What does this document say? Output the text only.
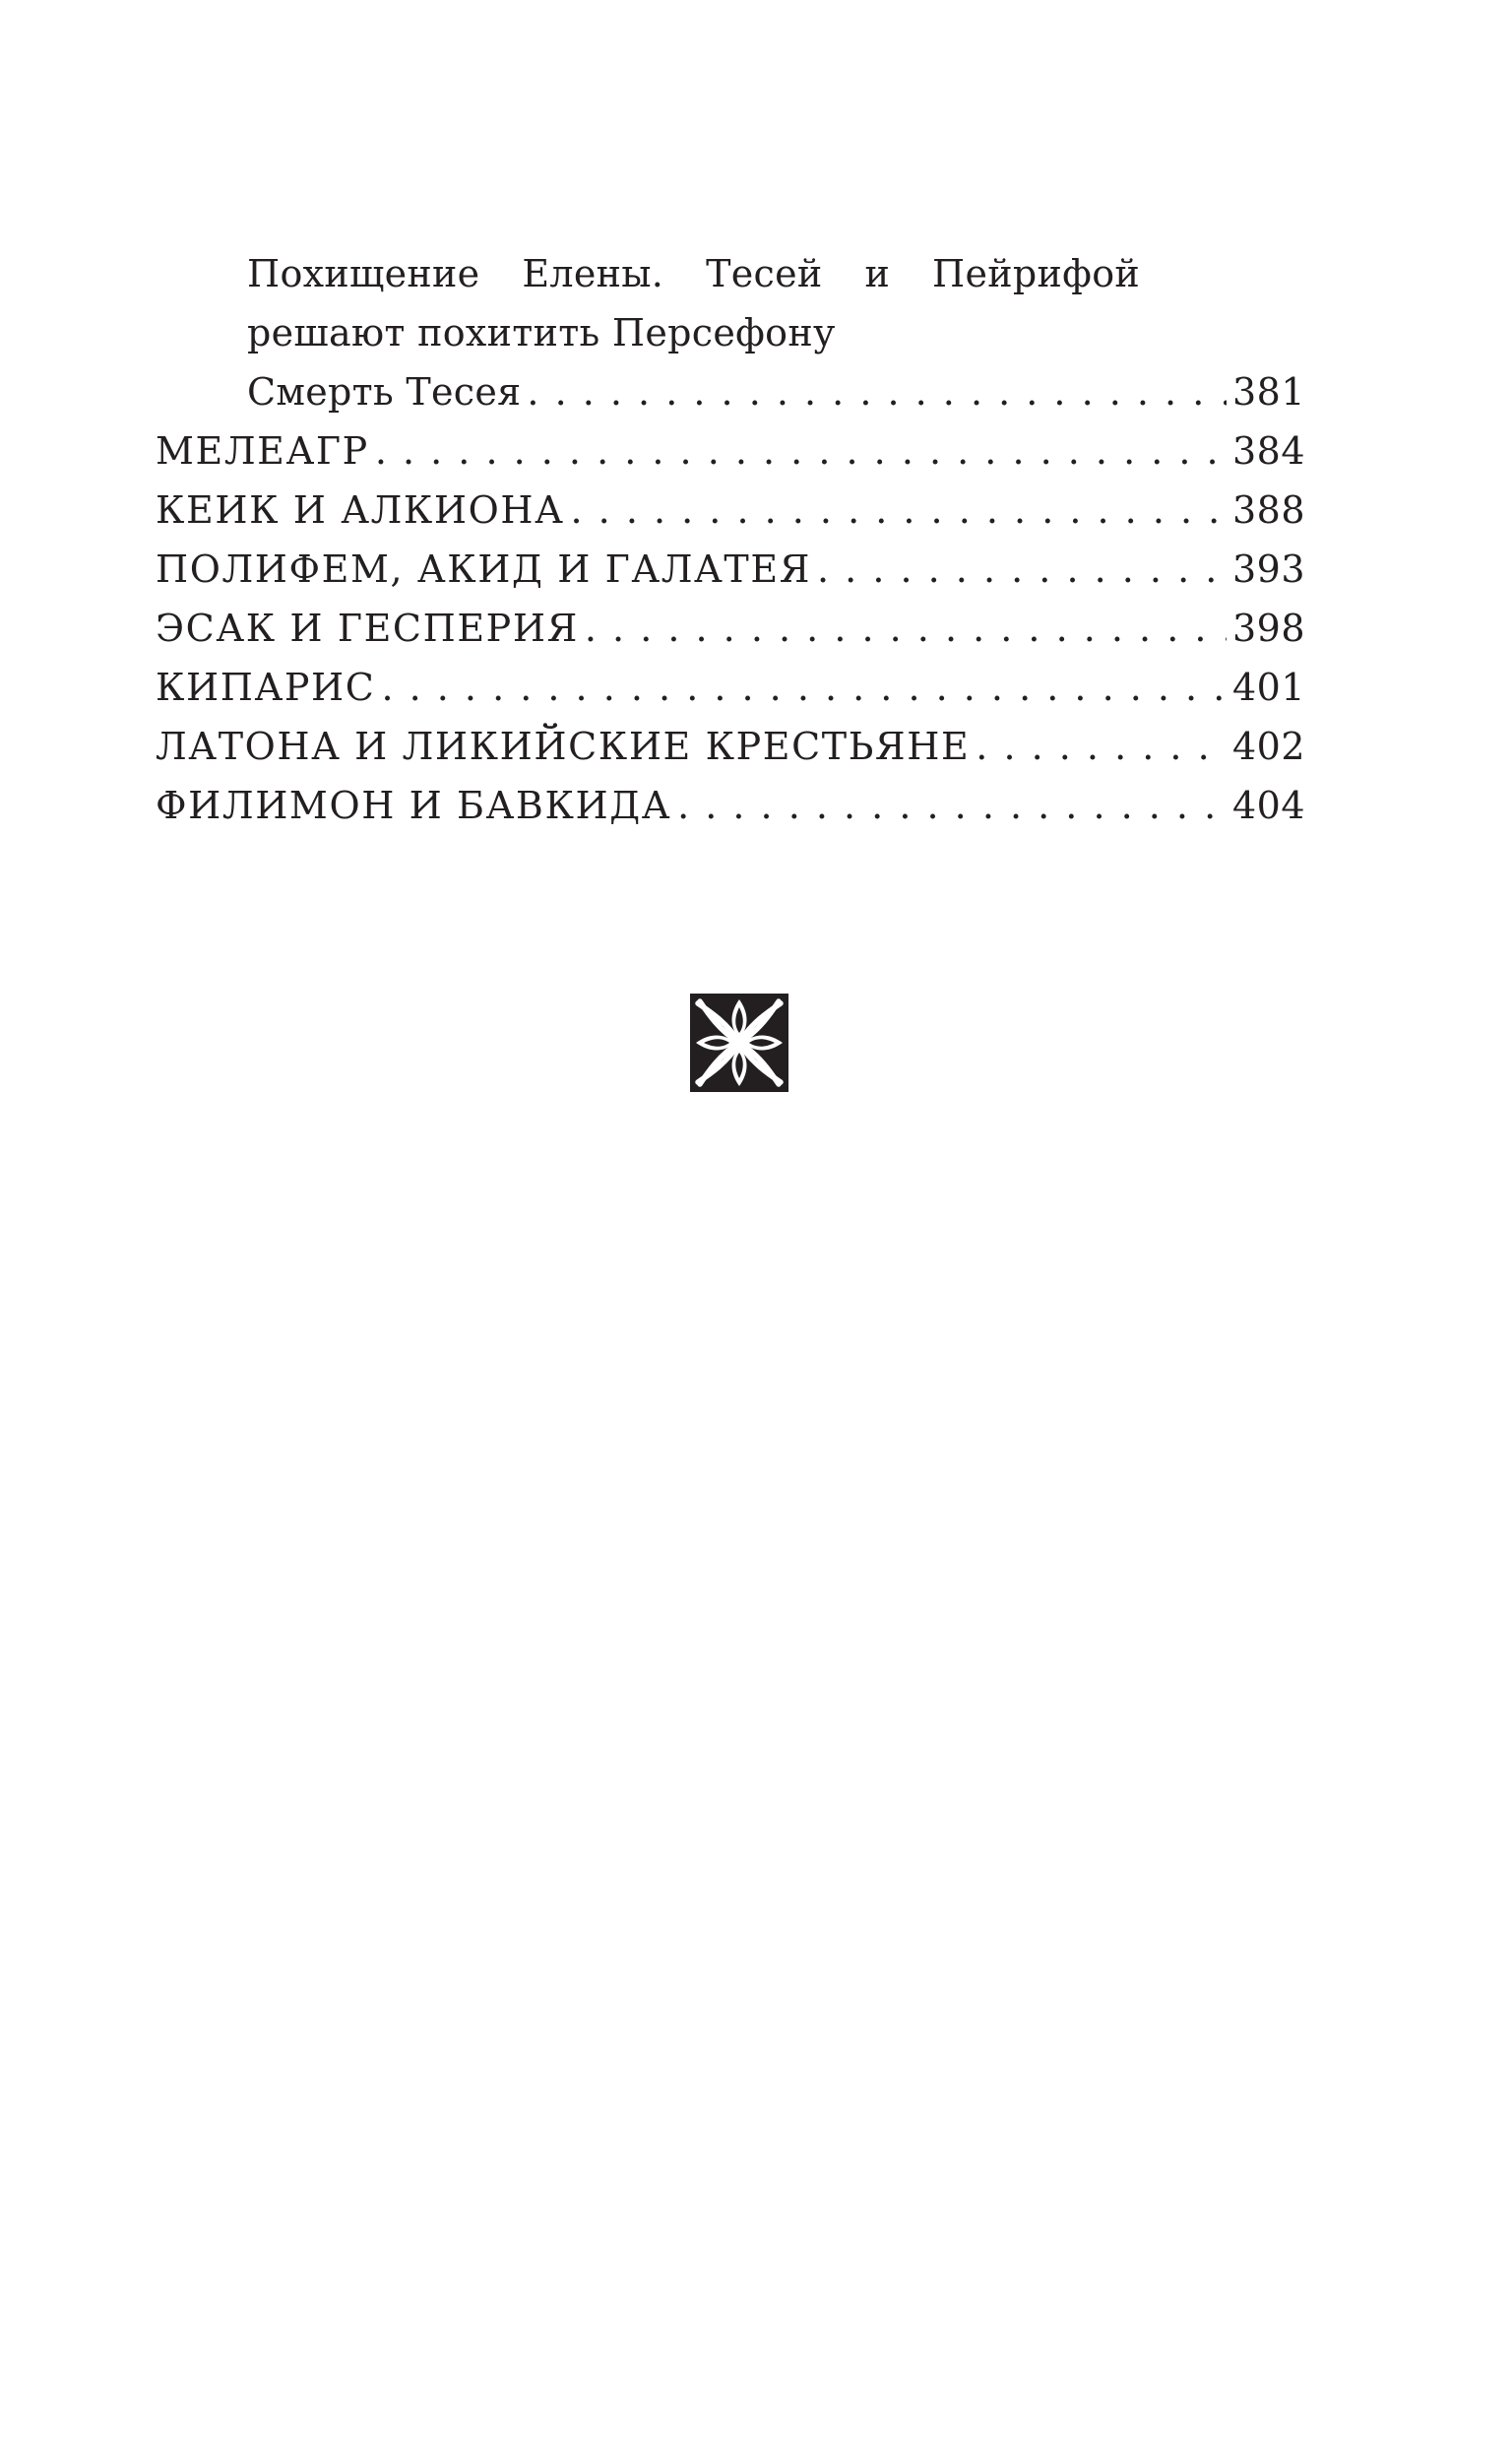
Похищение Елены. Тесей и Пейрифой
решают похитить Персефону
Смерть Тесея . . .	381
МЕЛЕАГР . . .	384
КЕИК И АЛКИОНА . . .	388
ПОЛИФЕМ, АКИД И ГАЛАТЕЯ . . .	393
ЭСАК И ГЕСПЕРИЯ . . .	398
КИПАРИС . . .	401
ЛАТОНА И ЛИКИЙСКИЕ КРЕСТЬЯНЕ . . .	402
ФИЛИМОН И БАВКИДА . . .	404
